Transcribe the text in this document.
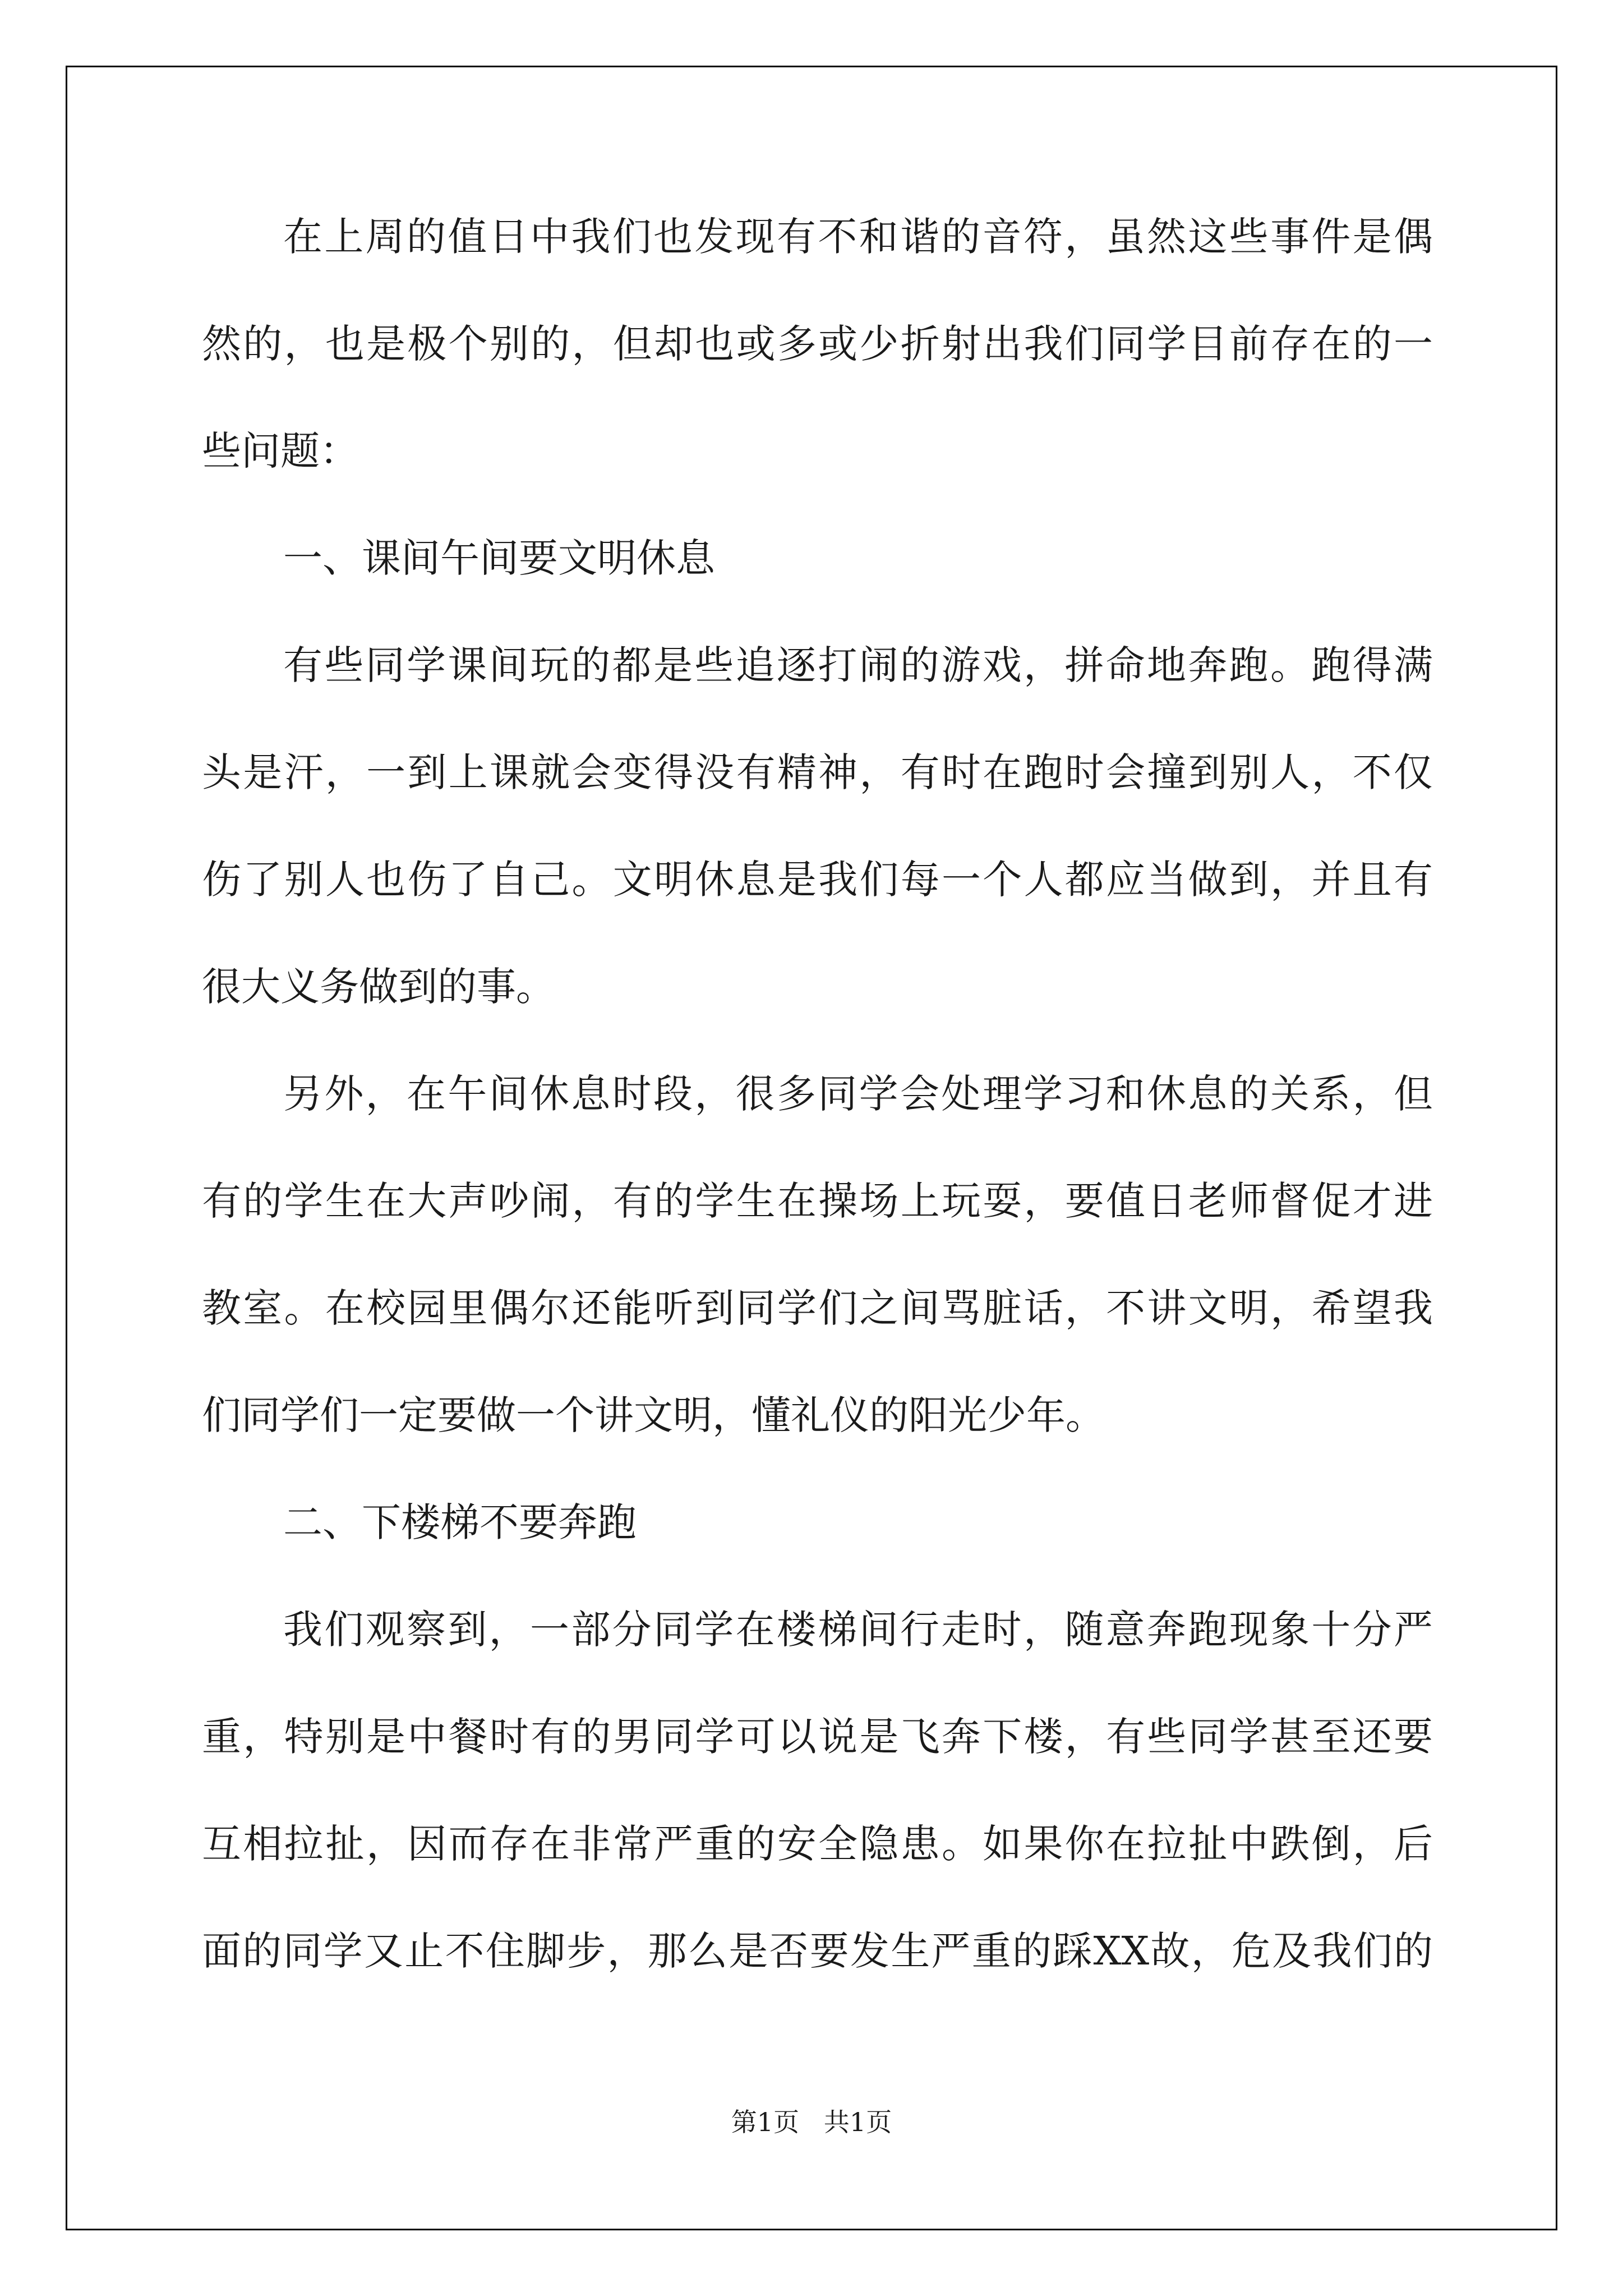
在上周的值日中我们也发现有不和谐的音符，虽然这些事件是偶
然的，也是极个别的，但却也或多或少折射出我们同学目前存在的一
些问题：
一、课间午间要文明休息
有些同学课间玩的都是些追逐打闹的游戏，拼命地奔跑。跑得满
头是汗，一到上课就会变得没有精神，有时在跑时会撞到别人，不仅
伤了别人也伤了自己。文明休息是我们每一个人都应当做到，并且有
很大义务做到的事。
另外，在午间休息时段，很多同学会处理学习和休息的关系，但
有的学生在大声吵闹，有的学生在操场上玩耍，要值日老师督促才进
教室。在校园里偶尔还能听到同学们之间骂脏话，不讲文明，希望我
们同学们一定要做一个讲文明，懂礼仪的阳光少年。
二、下楼梯不要奔跑
我们观察到，一部分同学在楼梯间行走时，随意奔跑现象十分严
重，特别是中餐时有的男同学可以说是飞奔下楼，有些同学甚至还要
互相拉扯，因而存在非常严重的安全隐患。如果你在拉扯中跌倒，后
面的同学又止不住脚步，那么是否要发生严重的踩XX故，危及我们的
第1页   共1页
